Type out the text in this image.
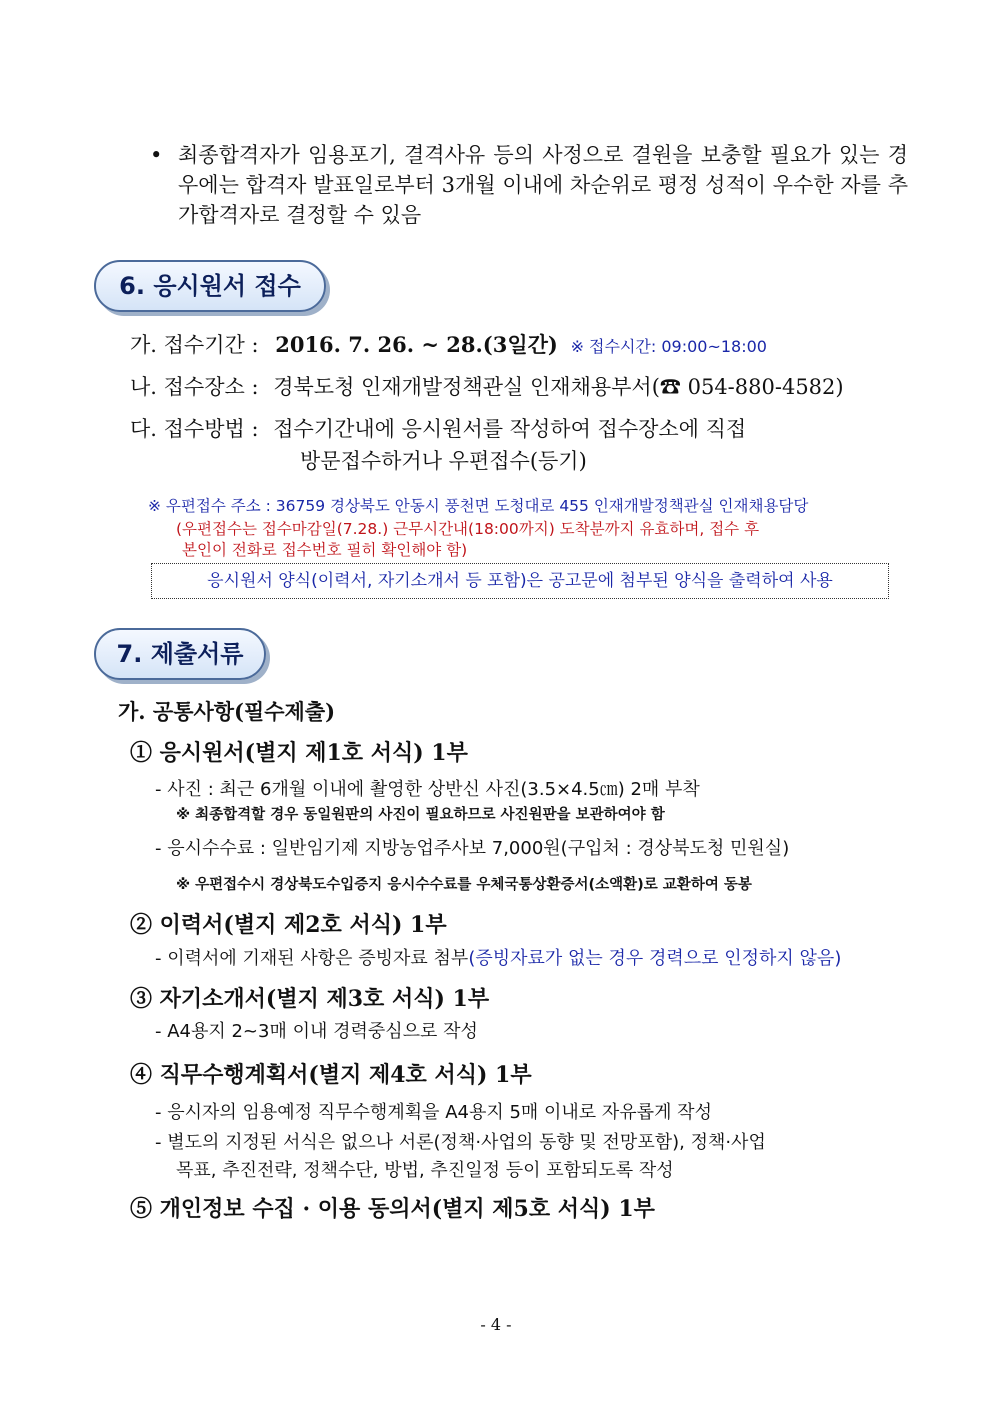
• 최종합격자가 임용포기, 결격사유 등의 사정으로 결원을 보충할 필요가 있는 경우에는 합격자 발표일로부터 3개월 이내에 차순위로 평정 성적이 우수한 자를 추가합격자로 결정할 수 있음
6. 응시원서 접수
가. 접수기간 : 2016. 7. 26. ~ 28.(3일간) ※ 접수시간: 09:00~18:00
나. 접수장소 : 경북도청 인재개발정책관실 인재채용부서(☎ 054-880-4582)
다. 접수방법 : 접수기간내에 응시원서를 작성하여 접수장소에 직접
방문접수하거나 우편접수(등기)
※ 우편접수 주소 : 36759 경상북도 안동시 풍천면 도청대로 455 인재개발정책관실 인재채용담당
(우편접수는 접수마감일(7.28.) 근무시간내(18:00까지) 도착분까지 유효하며, 접수 후
본인이 전화로 접수번호 필히 확인해야 함)
응시원서 양식(이력서, 자기소개서 등 포함)은 공고문에 첨부된 양식을 출력하여 사용
7. 제출서류
가. 공통사항(필수제출)
① 응시원서(별지 제1호 서식) 1부
- 사진 : 최근 6개월 이내에 촬영한 상반신 사진(3.5×4.5㎝) 2매 부착
※ 최종합격할 경우 동일원판의 사진이 필요하므로 사진원판을 보관하여야 함
- 응시수수료 : 일반임기제 지방농업주사보 7,000원(구입처 : 경상북도청 민원실)
※ 우편접수시 경상북도수입증지 응시수수료를 우체국통상환증서(소액환)로 교환하여 동봉
② 이력서(별지 제2호 서식) 1부
- 이력서에 기재된 사항은 증빙자료 첨부(증빙자료가 없는 경우 경력으로 인정하지 않음)
③ 자기소개서(별지 제3호 서식) 1부
- A4용지 2~3매 이내 경력중심으로 작성
④ 직무수행계획서(별지 제4호 서식) 1부
- 응시자의 임용예정 직무수행계획을 A4용지 5매 이내로 자유롭게 작성
- 별도의 지정된 서식은 없으나 서론(정책·사업의 동향 및 전망포함), 정책·사업
목표, 추진전략, 정책수단, 방법, 추진일정 등이 포함되도록 작성
⑤ 개인정보 수집 · 이용 동의서(별지 제5호 서식) 1부
- 4 -
